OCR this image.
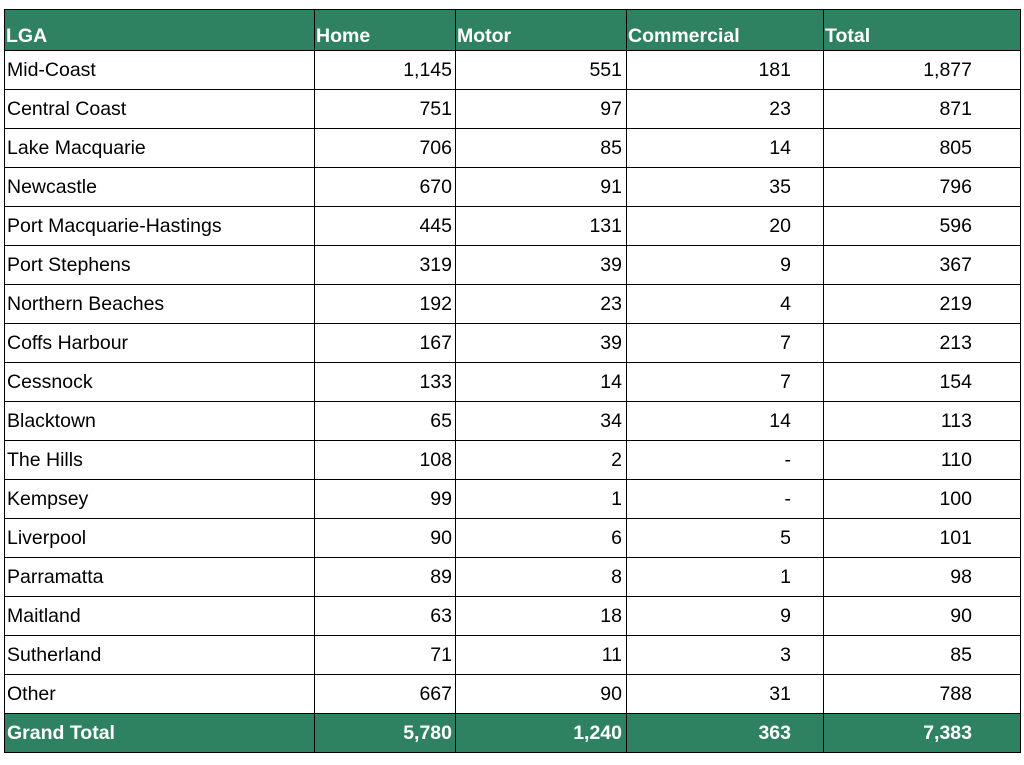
LGA	Home	Motor	Commercial	Total
Mid-Coast	1,145	551	181	1,877
Central Coast	751	97	23	871
Lake Macquarie	706	85	14	805
Newcastle	670	91	35	796
Port Macquarie-Hastings	445	131	20	596
Port Stephens	319	39	9	367
Northern Beaches	192	23	4	219
Coffs Harbour	167	39	7	213
Cessnock	133	14	7	154
Blacktown	65	34	14	113
The Hills	108	2	-	110
Kempsey	99	1	-	100
Liverpool	90	6	5	101
Parramatta	89	8	1	98
Maitland	63	18	9	90
Sutherland	71	11	3	85
Other	667	90	31	788
Grand Total	5,780	1,240	363	7,383
